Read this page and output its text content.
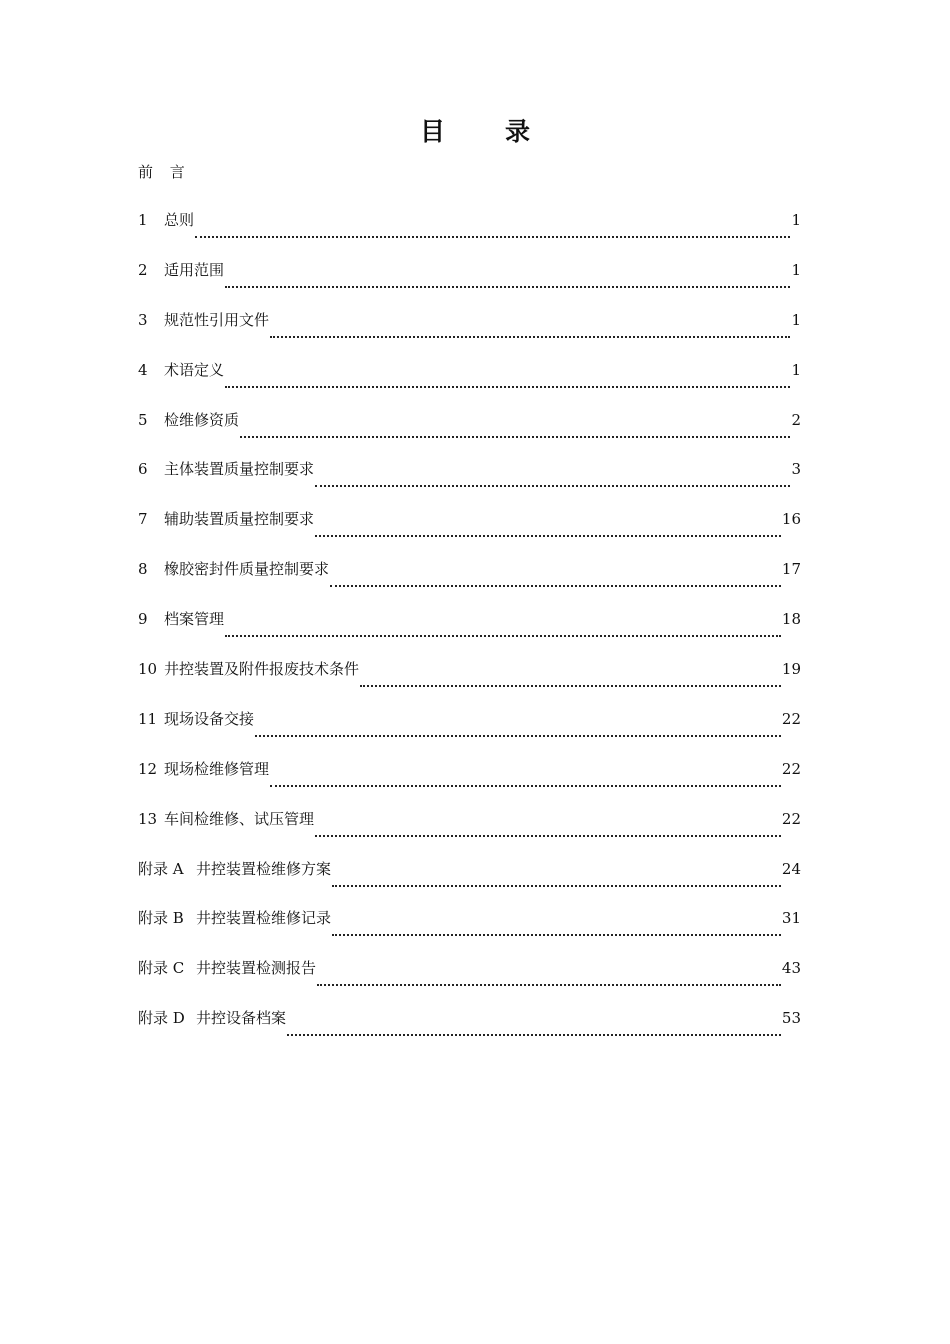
目 录
前 言
1	总则	1
2	适用范围	1
3	规范性引用文件	1
4	术语定义	1
5	检维修资质	2
6	主体装置质量控制要求	3
7	辅助装置质量控制要求	16
8	橡胶密封件质量控制要求	17
9	档案管理	18
10 井控装置及附件报废技术条件	19
11 现场设备交接	22
12 现场检维修管理	22
13 车间检维修、试压管理	22
附录 A 井控装置检维修方案	24
附录 B 井控装置检维修记录	31
附录 C 井控装置检测报告	43
附录 D 井控设备档案	53
